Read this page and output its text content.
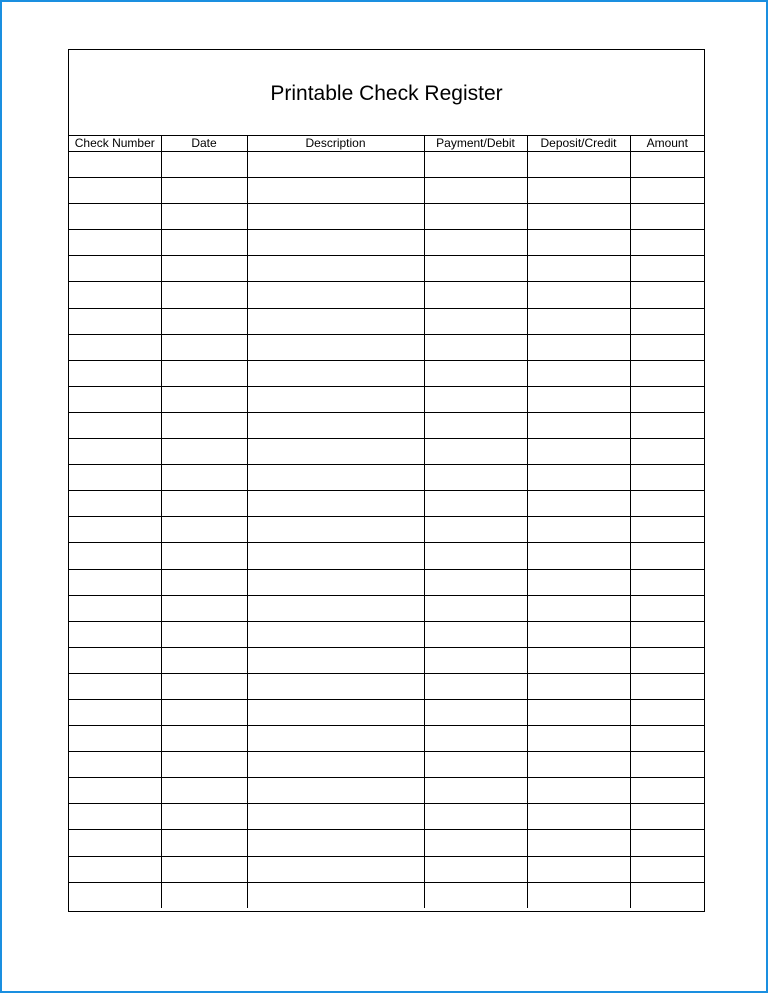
Printable Check Register
Check Number	Date	Description	Payment/Debit	Deposit/Credit	Amount
